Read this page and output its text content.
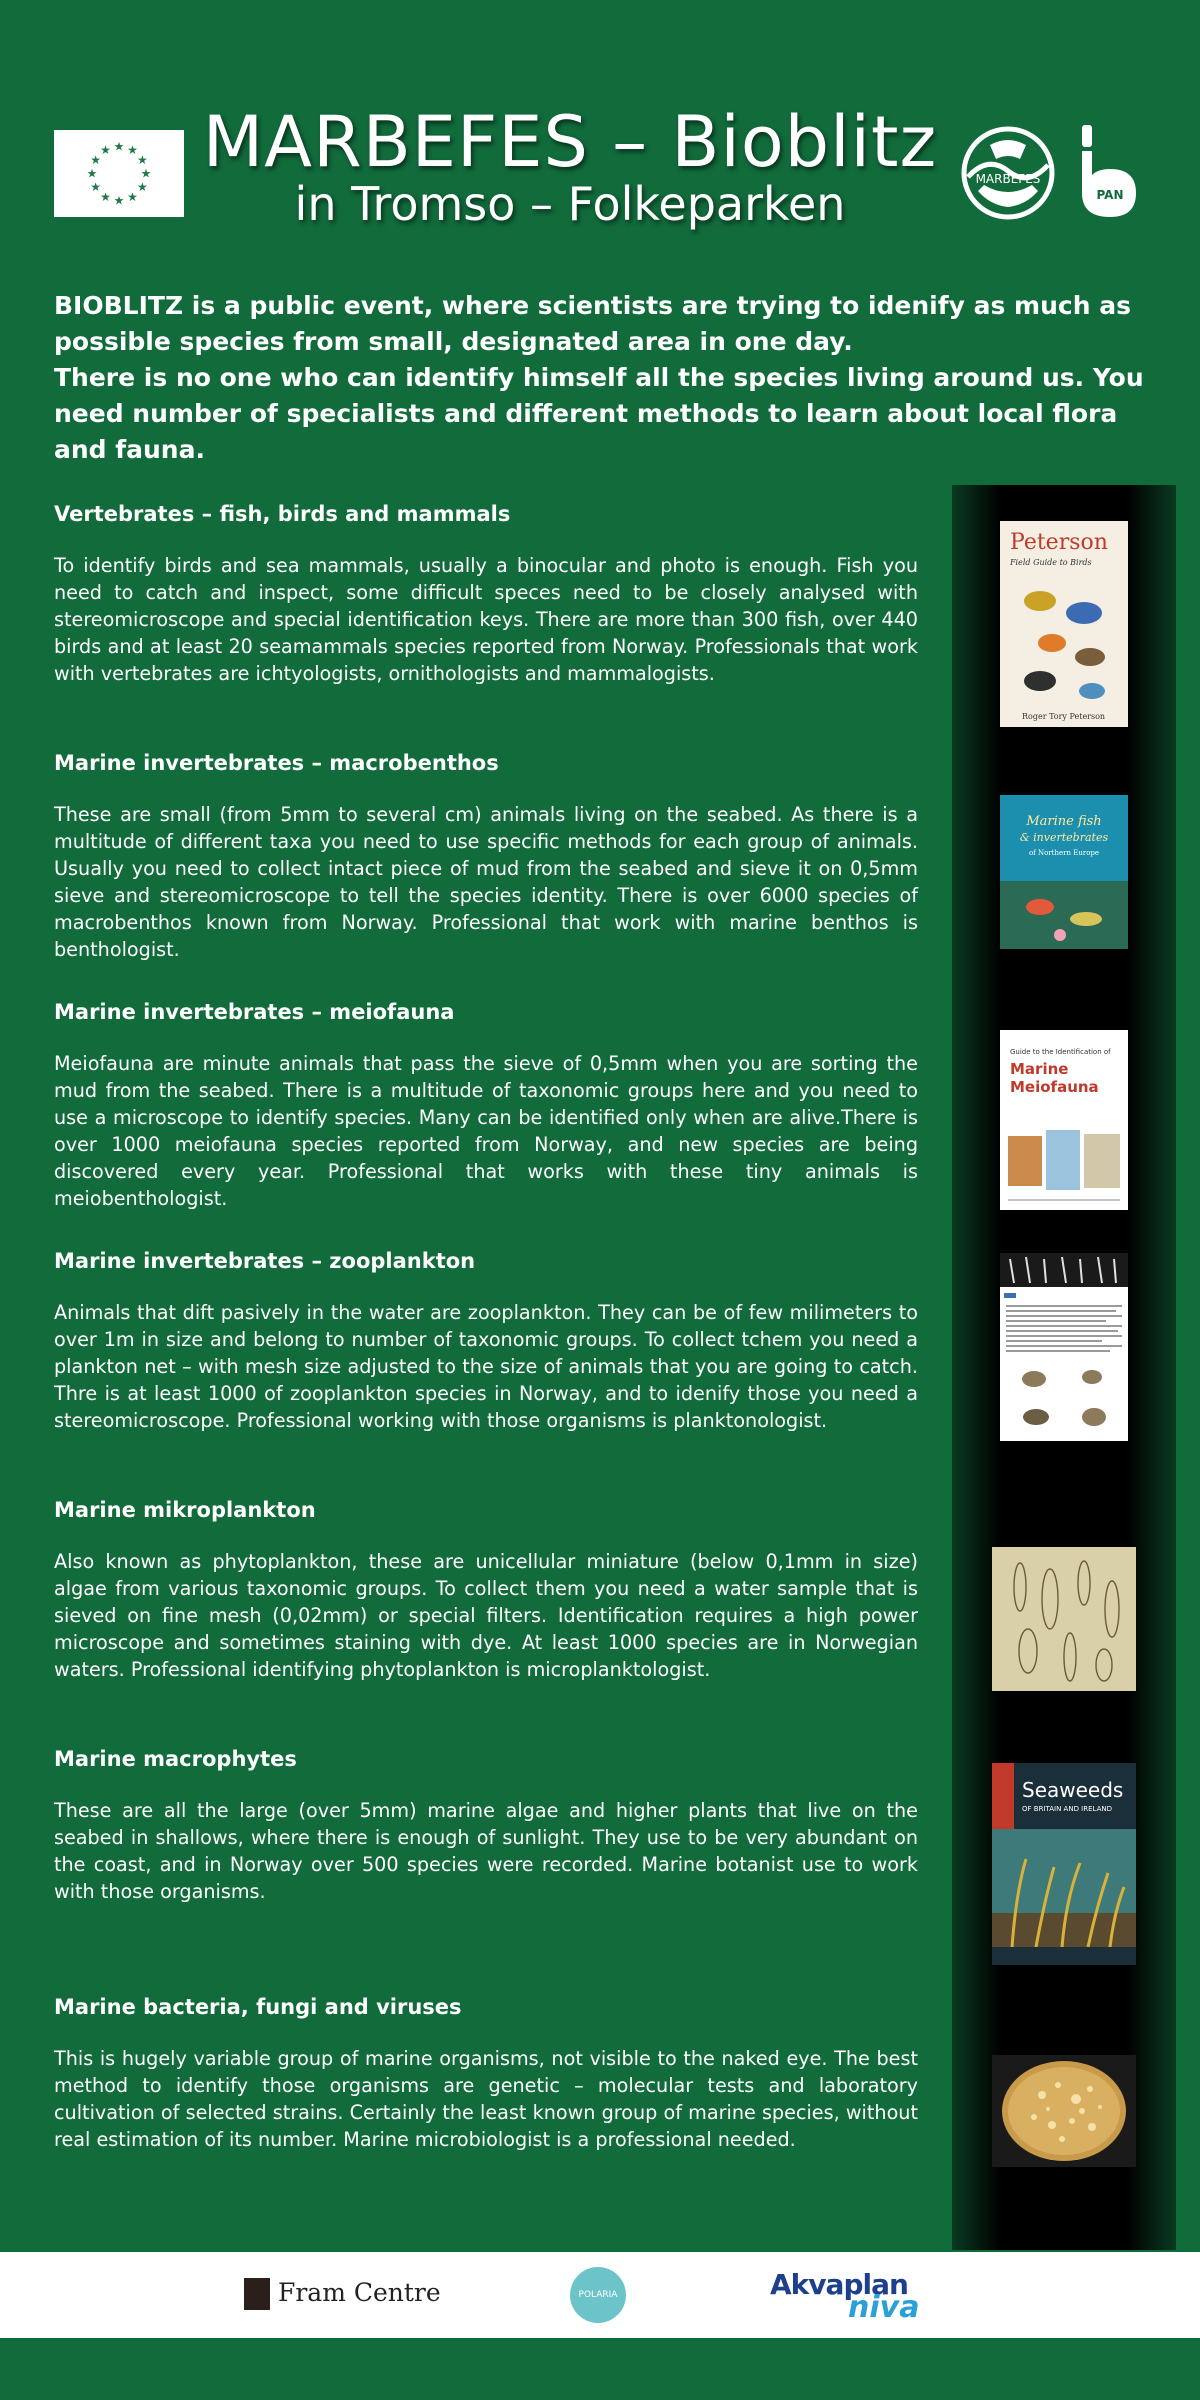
★ ★
★
★
★
★
★
★
★
★
★
★ MARBEFES – Bioblitz
in Tromso – Folkeparken	MARBEFES
PAN

BIOBLITZ is a public event, where scientists are trying to idenify as much as possible species from small, designated area in one day.

There is no one who can identify himself all the species living around us. You need number of specialists and different methods to learn about local flora and fauna.

Peterson
Field Guide to Birds
Roger Tory Peterson
Marine fish
& invertebrates
of Northern Europe
Guide to the Identification of
Marine
Meiofauna
Seaweeds
OF BRITAIN AND IRELAND
Vertebrates – fish, birds and mammals
To identify birds and sea mammals, usually a binocular and photo is enough. Fish you need to catch and inspect, some difficult speces need to be closely analysed with stereomicroscope and special identification keys. There are more than 300 fish, over 440 birds and at least 20 seamammals species reported from Norway. Professionals that work with vertebrates are ichtyologists, ornithologists and mammalogists.
Marine invertebrates – macrobenthos
These are small (from 5mm to several cm) animals living on the seabed. As there is a multitude of different taxa you need to use specific methods for each group of animals. Usually you need to collect intact piece of mud from the seabed and sieve it on 0,5mm sieve and stereomicroscope to tell the species identity. There is over 6000 species of macrobenthos known from Norway. Professional that work with marine benthos is benthologist.
Marine invertebrates – meiofauna
Meiofauna are minute animals that pass the sieve of 0,5mm when you are sorting the mud from the seabed. There is a multitude of taxonomic groups here and you need to use a microscope to identify species. Many can be identified only when are alive.There is over 1000 meiofauna species reported from Norway, and new species are being discovered every year. Professional that works with these tiny animals is meiobenthologist.
Marine invertebrates – zooplankton
Animals that dift pasively in the water are zooplankton. They can be of few milimeters to over 1m in size and belong to number of taxonomic groups. To collect tchem you need a plankton net – with mesh size adjusted to the size of animals that you are going to catch. Thre is at least 1000 of zooplankton species in Norway, and to idenify those you need a stereomicroscope. Professional working with those organisms is planktonologist.
Marine mikroplankton
Also known as phytoplankton, these are unicellular miniature (below 0,1mm in size) algae from various taxonomic groups. To collect them you need a water sample that is sieved on fine mesh (0,02mm) or special filters. Identification requires a high power microscope and sometimes staining with dye. At least 1000 species are in Norwegian waters. Professional identifying phytoplankton is microplanktologist.
Marine macrophytes
These are all the large (over 5mm) marine algae and higher plants that live on the seabed in shallows, where there is enough of sunlight. They use to be very abundant on the coast, and in Norway over 500 species were recorded. Marine botanist use to work with those organisms.
Marine bacteria, fungi and viruses
This is hugely variable group of marine organisms, not visible to the naked eye. The best method to identify those organisms are genetic – molecular tests and laboratory cultivation of selected strains. Certainly the least known group of marine species, without real estimation of its number. Marine microbiologist is a professional needed.
Fram Centre	POLARIA	Akvaplan
niva
